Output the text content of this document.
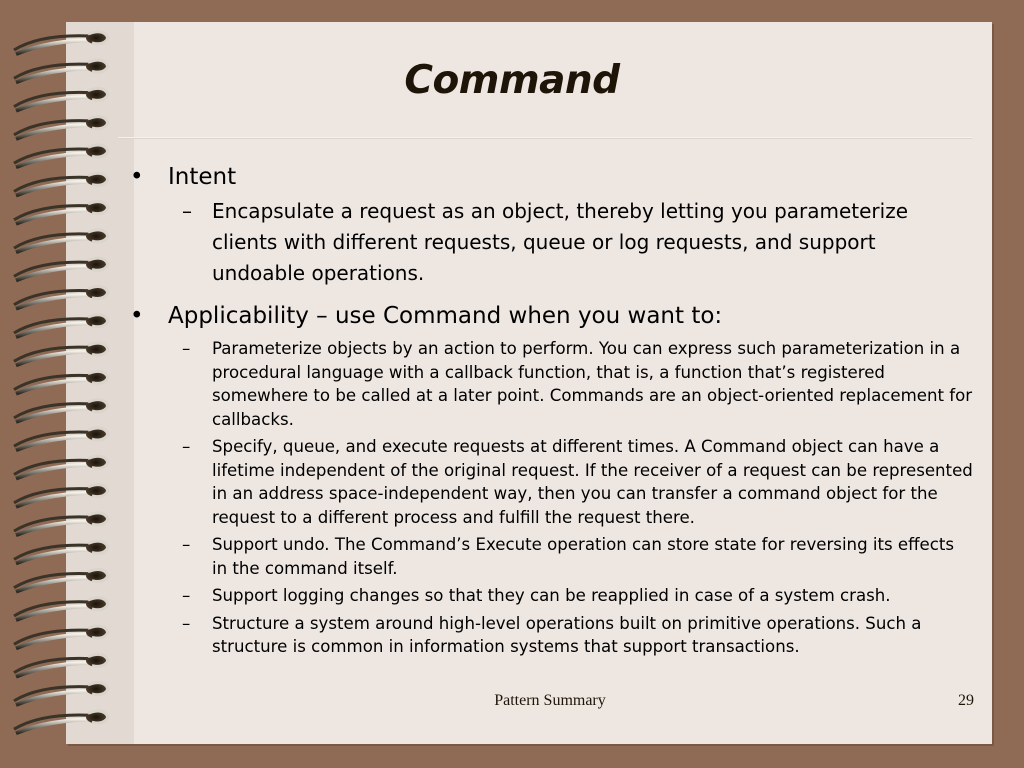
Command
• Intent
– Encapsulate a request as an object, thereby letting you parameterize clients with different requests, queue or log requests, and support undoable operations.
• Applicability – use Command when you want to:
– Parameterize objects by an action to perform. You can express such parameterization in a procedural language with a callback function, that is, a function that’s registered somewhere to be called at a later point. Commands are an object-oriented replacement for callbacks.
– Specify, queue, and execute requests at different times. A Command object can have a lifetime independent of the original request. If the receiver of a request can be represented in an address space-independent way, then you can transfer a command object for the request to a different process and fulfill the request there.
– Support undo. The Command’s Execute operation can store state for reversing its effects in the command itself.
– Support logging changes so that they can be reapplied in case of a system crash.
– Structure a system around high-level operations built on primitive operations. Such a structure is common in information systems that support transactions.
Pattern Summary	29
